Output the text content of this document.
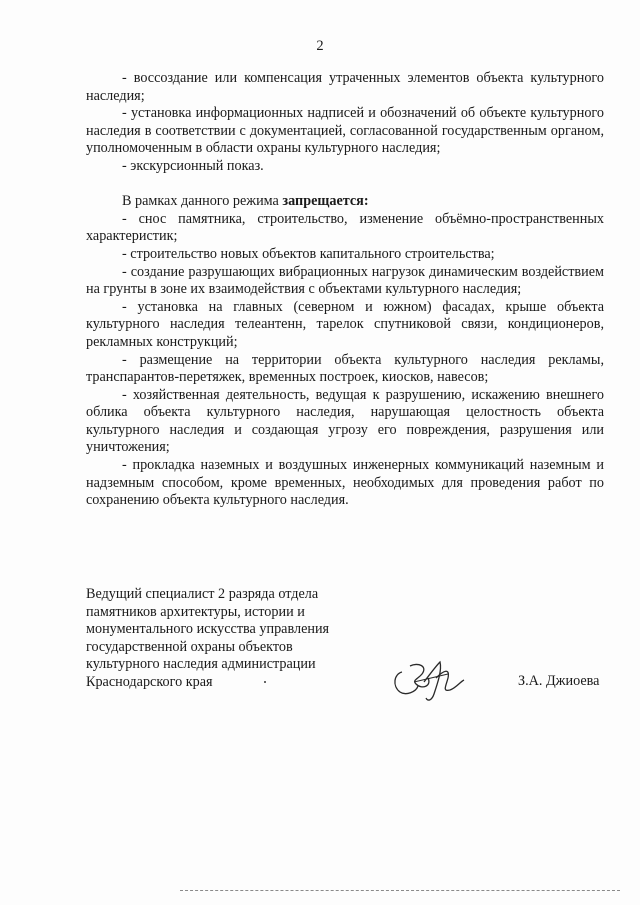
2

- воссоздание или компенсация утраченных элементов объекта культурного наследия;

- установка информационных надписей и обозначений об объекте культурного наследия в соответствии с документацией, согласованной государственным органом, уполномоченным в области охраны культурного наследия;

- экскурсионный показ.

В рамках данного режима запрещается:

- снос памятника, строительство, изменение объёмно-пространственных характеристик;

- строительство новых объектов капитального строительства;

- создание разрушающих вибрационных нагрузок динамическим воздействием на грунты в зоне их взаимодействия с объектами культурного наследия;

- установка на главных (северном и южном) фасадах, крыше объекта культурного наследия телеантенн, тарелок спутниковой связи, кондиционеров, рекламных конструкций;

- размещение на территории объекта культурного наследия рекламы, транспарантов-перетяжек, временных построек, киосков, навесов;

- хозяйственная деятельность, ведущая к разрушению, искажению внешнего облика объекта культурного наследия, нарушающая целостность объекта культурного наследия и создающая угрозу его повреждения, разрушения или уничтожения;

- прокладка наземных и воздушных инженерных коммуникаций наземным и надземным способом, кроме временных, необходимых для проведения работ по сохранению объекта культурного наследия.

Ведущий специалист 2 разряда отдела
памятников архитектуры, истории и
монументального искусства управления
государственной охраны объектов
культурного наследия администрации
Краснодарского края	З.А. Джиоева
